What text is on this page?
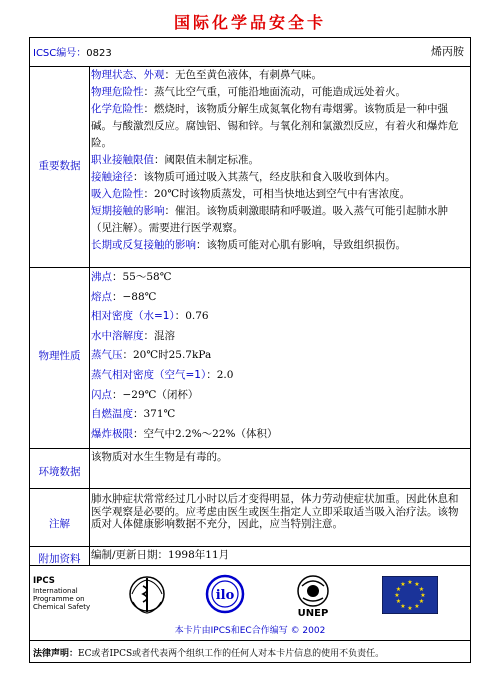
国际化学品安全卡
ICSC编号：0823	烯丙胺
重要数据
物理状态、外观：无色至黄色液体，有刺鼻气味。
物理危险性：蒸气比空气重，可能沿地面流动，可能造成远处着火。
化学危险性：燃烧时，该物质分解生成氮氧化物有毒烟雾。该物质是一种中强碱。与酸激烈反应。腐蚀铝、锡和锌。与氧化剂和氯激烈反应，有着火和爆炸危险。
职业接触限值：阈限值未制定标准。
接触途径：该物质可通过吸入其蒸气，经皮肤和食入吸收到体内。
吸入危险性：20℃时该物质蒸发，可相当快地达到空气中有害浓度。
短期接触的影响：催泪。该物质刺激眼睛和呼吸道。吸入蒸气可能引起肺水肿（见注解）。需要进行医学观察。
长期或反复接触的影响：该物质可能对心肌有影响，导致组织损伤。
物理性质
沸点：55～58℃
熔点：−88℃
相对密度（水=1）：0.76
水中溶解度：混溶
蒸气压：20℃时25.7kPa
蒸气相对密度（空气=1）：2.0
闪点：−29℃（闭杯）
自燃温度：371℃
爆炸极限：空气中2.2%～22%（体积）
环境数据
该物质对水生生物是有毒的。
注解
肺水肿症状常常经过几小时以后才变得明显，体力劳动使症状加重。因此休息和医学观察是必要的。应考虑由医生或医生指定人立即采取适当吸入治疗法。该物质对人体健康影响数据不充分，因此，应当特别注意。
附加资料	编制/更新日期：1998年11月
IPCS
International
Programme on
Chemical Safety
ilo
UNEP
★ ★
★
★
★
★
★
★
★
★
★
★
本卡片由IPCS和EC合作编写 © 2002
法律声明：EC或者IPCS或者代表两个组织工作的任何人对本卡片信息的使用不负责任。
